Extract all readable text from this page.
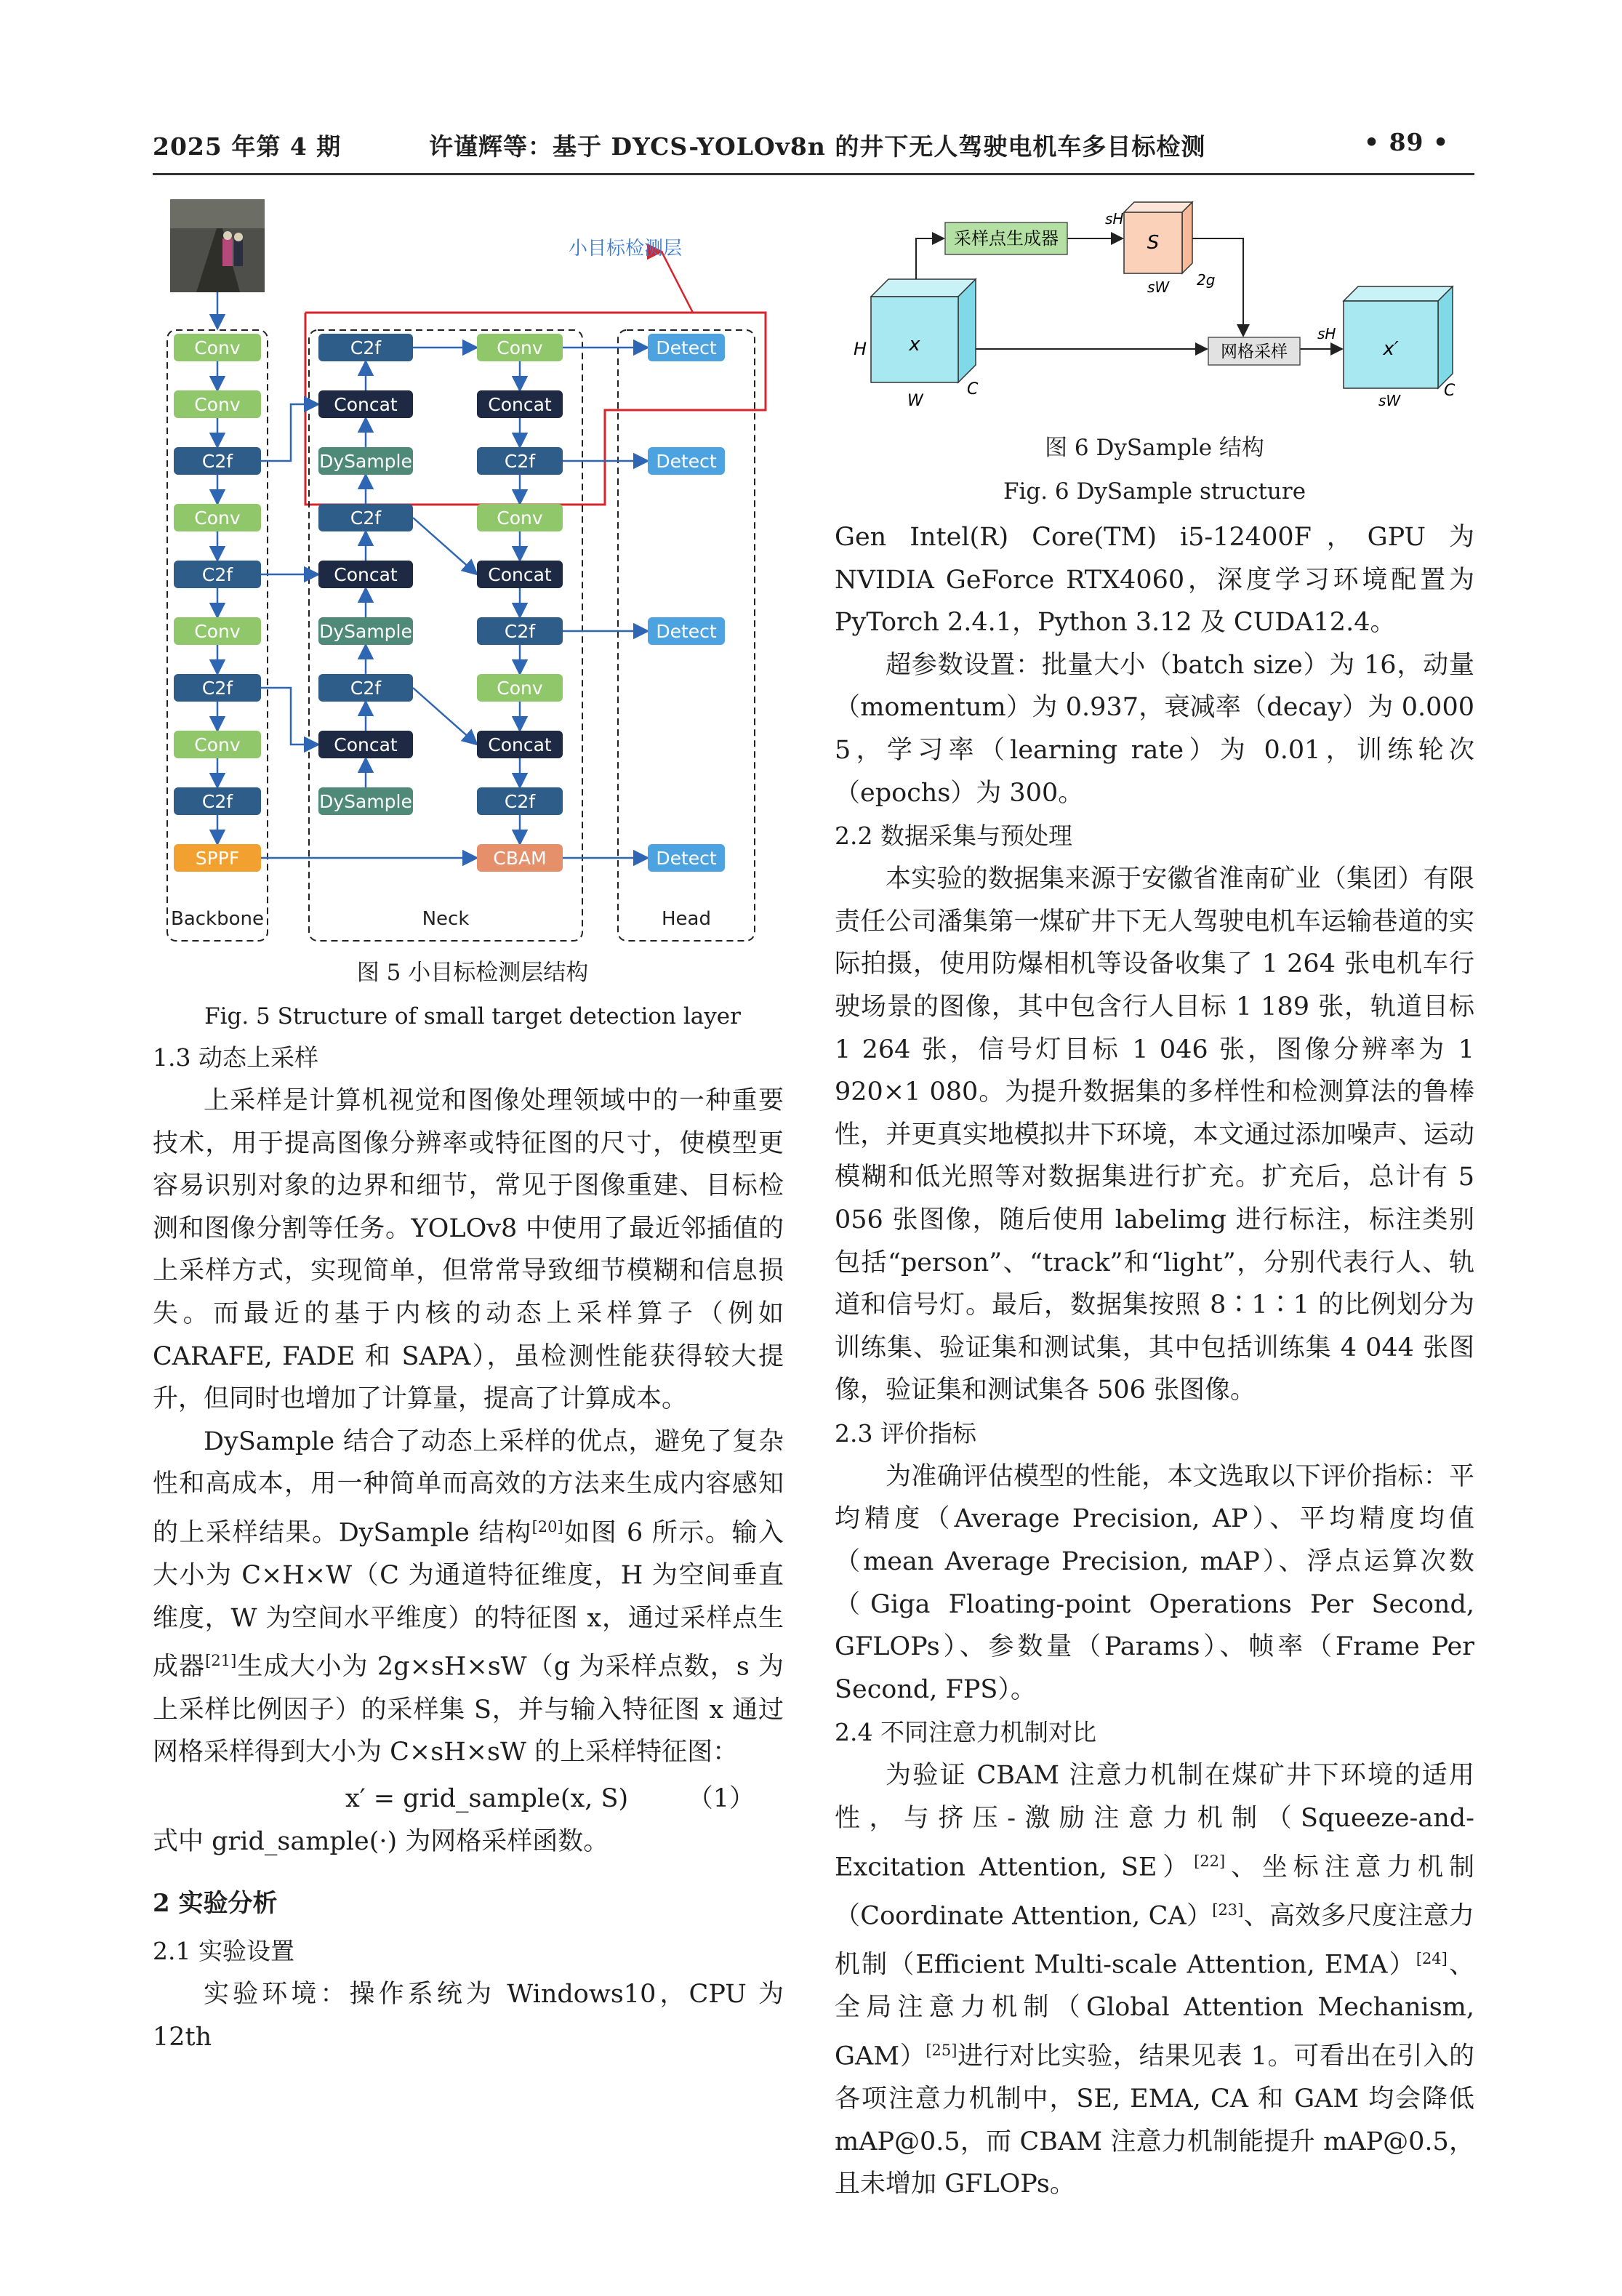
2025 年第 4 期	许谨辉等：基于 DYCS-YOLOv8n 的井下无人驾驶电机车多目标检测	• 89 •
小目标检测层
Conv
Conv
C2f
Conv
C2f
Conv
C2f
Conv
C2f
SPPF
C2f
Concat
DySample
C2f
Concat
DySample
C2f
Concat
DySample
Conv
Concat
C2f
Conv
Concat
C2f
Conv
Concat
C2f
CBAM
Detect
Detect
Detect
Detect
Backbone	Neck	Head

图 5 小目标检测层结构

Fig. 5 Structure of small target detection layer

x
H
W
C
采样点生成器	S
sH
sW 2g
网格采样	x′
sH
sW
C

图 6 DySample 结构

Fig. 6 DySample structure

1.3 动态上采样

上采样是计算机视觉和图像处理领域中的一种重要技术，用于提高图像分辨率或特征图的尺寸，使模型更容易识别对象的边界和细节，常见于图像重建、目标检测和图像分割等任务。YOLOv8 中使用了最近邻插值的上采样方式，实现简单，但常常导致细节模糊和信息损失。而最近的基于内核的动态上采样算子（例如 CARAFE, FADE 和 SAPA），虽检测性能获得较大提升，但同时也增加了计算量，提高了计算成本。

DySample 结合了动态上采样的优点，避免了复杂性和高成本，用一种简单而高效的方法来生成内容感知的上采样结果。DySample 结构[20]如图 6 所示。输入大小为 C×H×W（C 为通道特征维度，H 为空间垂直维度，W 为空间水平维度）的特征图 x，通过采样点生成器[21]生成大小为 2g×sH×sW（g 为采样点数，s 为上采样比例因子）的采样集 S，并与输入特征图 x 通过网格采样得到大小为 C×sH×sW 的上采样特征图：

x′ = grid_sample(x, S) （1）

式中 grid_sample(·) 为网格采样函数。

2 实验分析

2.1 实验设置

实验环境：操作系统为 Windows10，CPU 为 12th

Gen Intel(R) Core(TM) i5-12400F，GPU 为 NVIDIA GeForce RTX4060，深度学习环境配置为 PyTorch 2.4.1，Python 3.12 及 CUDA12.4。

超参数设置：批量大小（batch size）为 16，动量（momentum）为 0.937，衰减率（decay）为 0.000 5，学习率（learning rate）为 0.01，训练轮次（epochs）为 300。

2.2 数据采集与预处理

本实验的数据集来源于安徽省淮南矿业（集团）有限责任公司潘集第一煤矿井下无人驾驶电机车运输巷道的实际拍摄，使用防爆相机等设备收集了 1 264 张电机车行驶场景的图像，其中包含行人目标 1 189 张，轨道目标 1 264 张，信号灯目标 1 046 张，图像分辨率为 1 920×1 080。为提升数据集的多样性和检测算法的鲁棒性，并更真实地模拟井下环境，本文通过添加噪声、运动模糊和低光照等对数据集进行扩充。扩充后，总计有 5 056 张图像，随后使用 labelimg 进行标注，标注类别包括“person”、“track”和“light”，分别代表行人、轨道和信号灯。最后，数据集按照 8∶1∶1 的比例划分为训练集、验证集和测试集，其中包括训练集 4 044 张图像，验证集和测试集各 506 张图像。

2.3 评价指标

为准确评估模型的性能，本文选取以下评价指标：平均精度（Average Precision, AP）、平均精度均值（mean Average Precision, mAP）、浮点运算次数（Giga Floating-point Operations Per Second, GFLOPs）、参数量（Params）、帧率（Frame Per Second, FPS）。

2.4 不同注意力机制对比

为验证 CBAM 注意力机制在煤矿井下环境的适用性，与挤压-激励注意力机制（Squeeze-and-Excitation Attention, SE）[22]、坐标注意力机制（Coordinate Attention, CA）[23]、高效多尺度注意力机制（Efficient Multi-scale Attention, EMA）[24]、全局注意力机制（Global Attention Mechanism, GAM）[25]进行对比实验，结果见表 1。可看出在引入的各项注意力机制中，SE, EMA, CA 和 GAM 均会降低 mAP@0.5，而 CBAM 注意力机制能提升 mAP@0.5，且未增加 GFLOPs。
